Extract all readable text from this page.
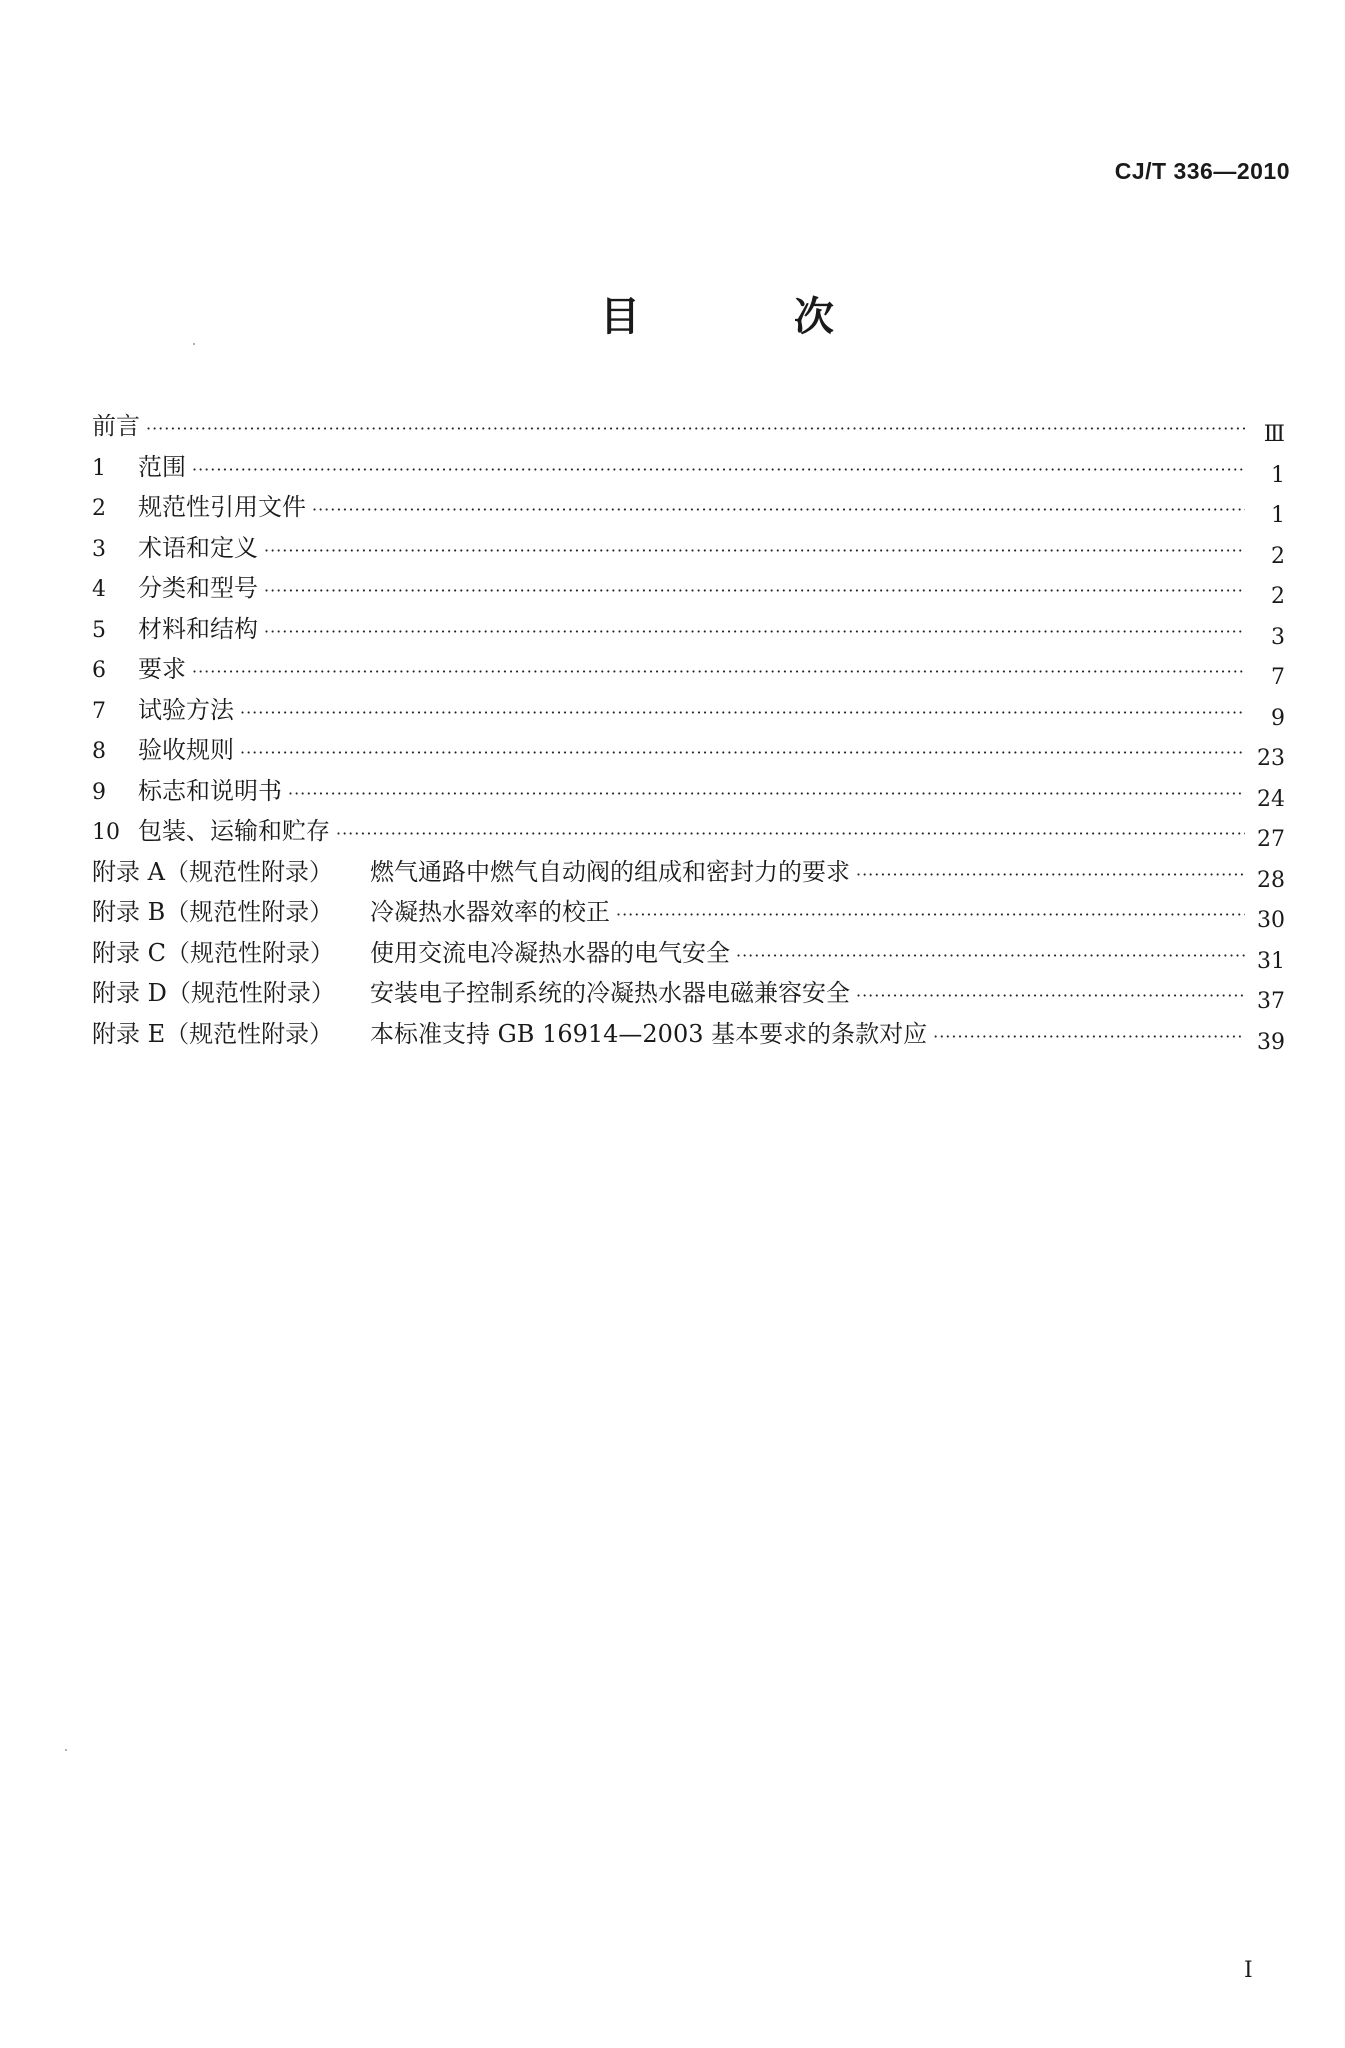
CJ/T 336—2010
目 次
前言 ·····	Ⅲ
1	范围 ·····	1
2	规范性引用文件 ·····	1
3	术语和定义 ·····	2
4	分类和型号 ·····	2
5	材料和结构 ·····	3
6	要求 ·····	7
7	试验方法 ·····	9
8	验收规则 ·····	23
9	标志和说明书 ·····	24
10 包装、运输和贮存 ·····	27
附录 A（规范性附录）	燃气通路中燃气自动阀的组成和密封力的要求 ·····	28
附录 B（规范性附录）	冷凝热水器效率的校正 ·····	30
附录 C（规范性附录）	使用交流电冷凝热水器的电气安全 ·····	31
附录 D（规范性附录）	安装电子控制系统的冷凝热水器电磁兼容安全 ·····	37
附录 E（规范性附录）	本标准支持 GB 16914—2003 基本要求的条款对应 ·····	39
Ⅰ
